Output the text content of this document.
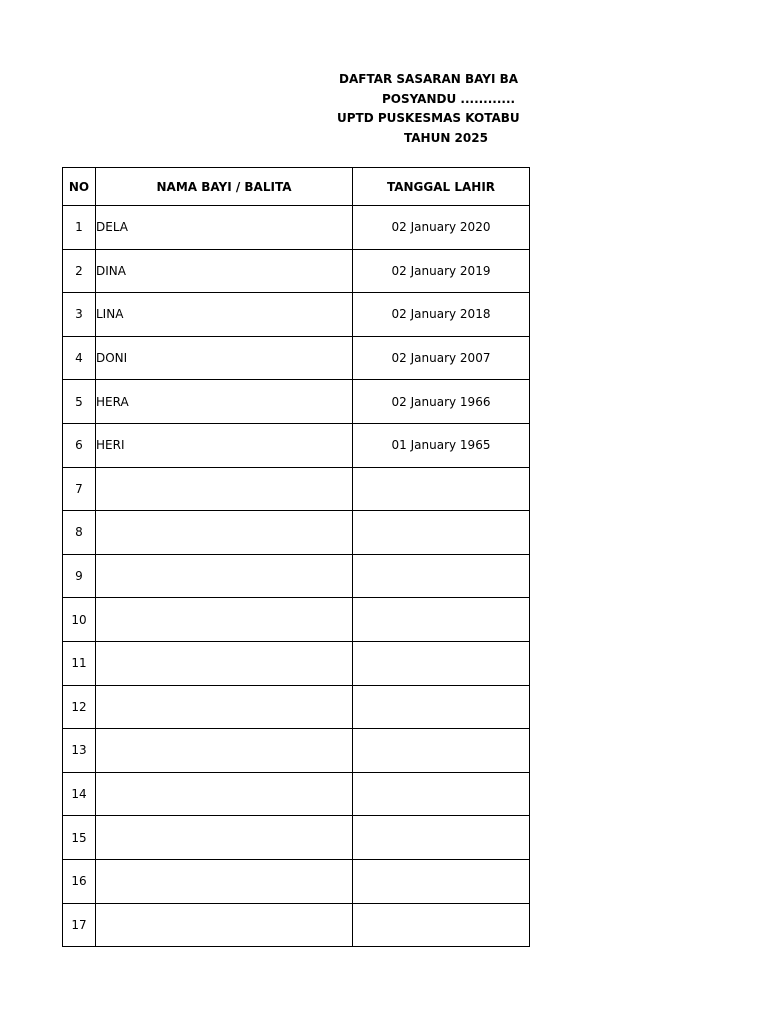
DAFTAR SASARAN BAYI BA
POSYANDU ............
UPTD PUSKESMAS KOTABU
TAHUN 2025
NO	NAMA BAYI / BALITA	TANGGAL LAHIR
1	DELA	02 January 2020
2	DINA	02 January 2019
3	LINA	02 January 2018
4	DONI	02 January 2007
5	HERA	02 January 1966
6	HERI	01 January 1965
7		
8		
9		
10		
11		
12		
13		
14		
15		
16		
17		
